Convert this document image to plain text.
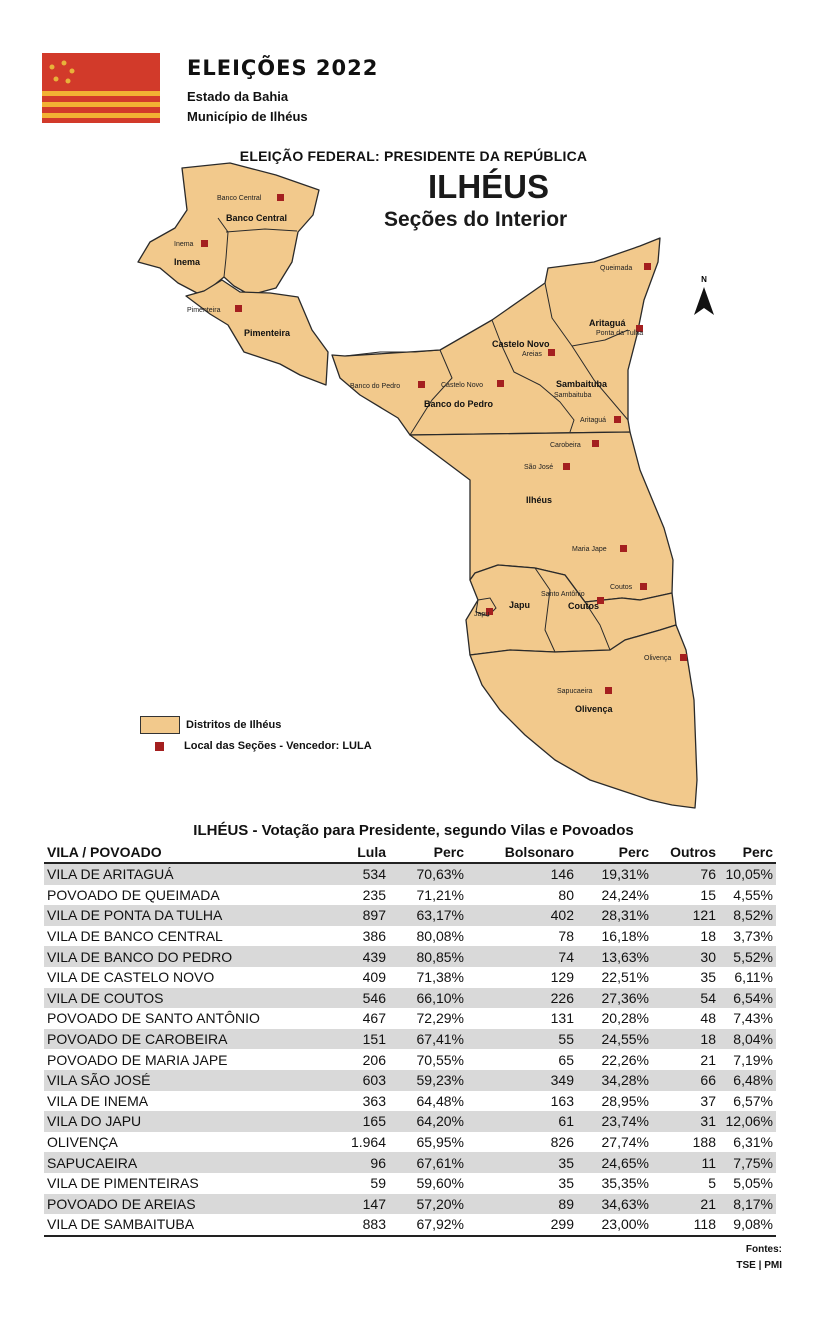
ELEIÇÕES 2022
Estado da Bahia
Município de Ilhéus
ELEIÇÃO FEDERAL: PRESIDENTE DA REPÚBLICA
Banco Central
Inema
Pimenteira
Queimada
Ponta da Tulha
Areias
Castelo Novo
Banco do Pedro
Sambaituba
Aritaguá
Carobeira
São José
Maria Jape
Santo Antônio
Coutos
Japu
Olivença
Sapucaeira
Banco Central
Inema
Pimenteira
Castelo Novo
Aritaguá
Sambaituba
Banco do Pedro
Ilhéus
Japu	Coutos
Olivença
ILHÉUS
Seções do Interior
N
Distritos de Ilhéus
Local das Seções - Vencedor: LULA
ILHÉUS - Votação para Presidente, segundo Vilas e Povoados
VILA / POVOADO	Lula	Perc	Bolsonaro	Perc	Outros	Perc
VILA DE ARITAGUÁ	534	70,63%	146	19,31%	76	10,05%
POVOADO DE QUEIMADA	235	71,21%	80	24,24%	15	4,55%
VILA DE PONTA DA TULHA	897	63,17%	402	28,31%	121	8,52%
VILA DE BANCO CENTRAL	386	80,08%	78	16,18%	18	3,73%
VILA DE BANCO DO PEDRO	439	80,85%	74	13,63%	30	5,52%
VILA DE CASTELO NOVO	409	71,38%	129	22,51%	35	6,11%
VILA DE COUTOS	546	66,10%	226	27,36%	54	6,54%
POVOADO DE SANTO ANTÔNIO	467	72,29%	131	20,28%	48	7,43%
POVOADO DE CAROBEIRA	151	67,41%	55	24,55%	18	8,04%
POVOADO DE MARIA JAPE	206	70,55%	65	22,26%	21	7,19%
VILA SÃO JOSÉ	603	59,23%	349	34,28%	66	6,48%
VILA DE INEMA	363	64,48%	163	28,95%	37	6,57%
VILA DO JAPU	165	64,20%	61	23,74%	31	12,06%
OLIVENÇA	1.964	65,95%	826	27,74%	188	6,31%
SAPUCAEIRA	96	67,61%	35	24,65%	11	7,75%
VILA DE PIMENTEIRAS	59	59,60%	35	35,35%	5	5,05%
POVOADO DE AREIAS	147	57,20%	89	34,63%	21	8,17%
VILA DE SAMBAITUBA	883	67,92%	299	23,00%	118	9,08%
Fontes:
TSE | PMI
